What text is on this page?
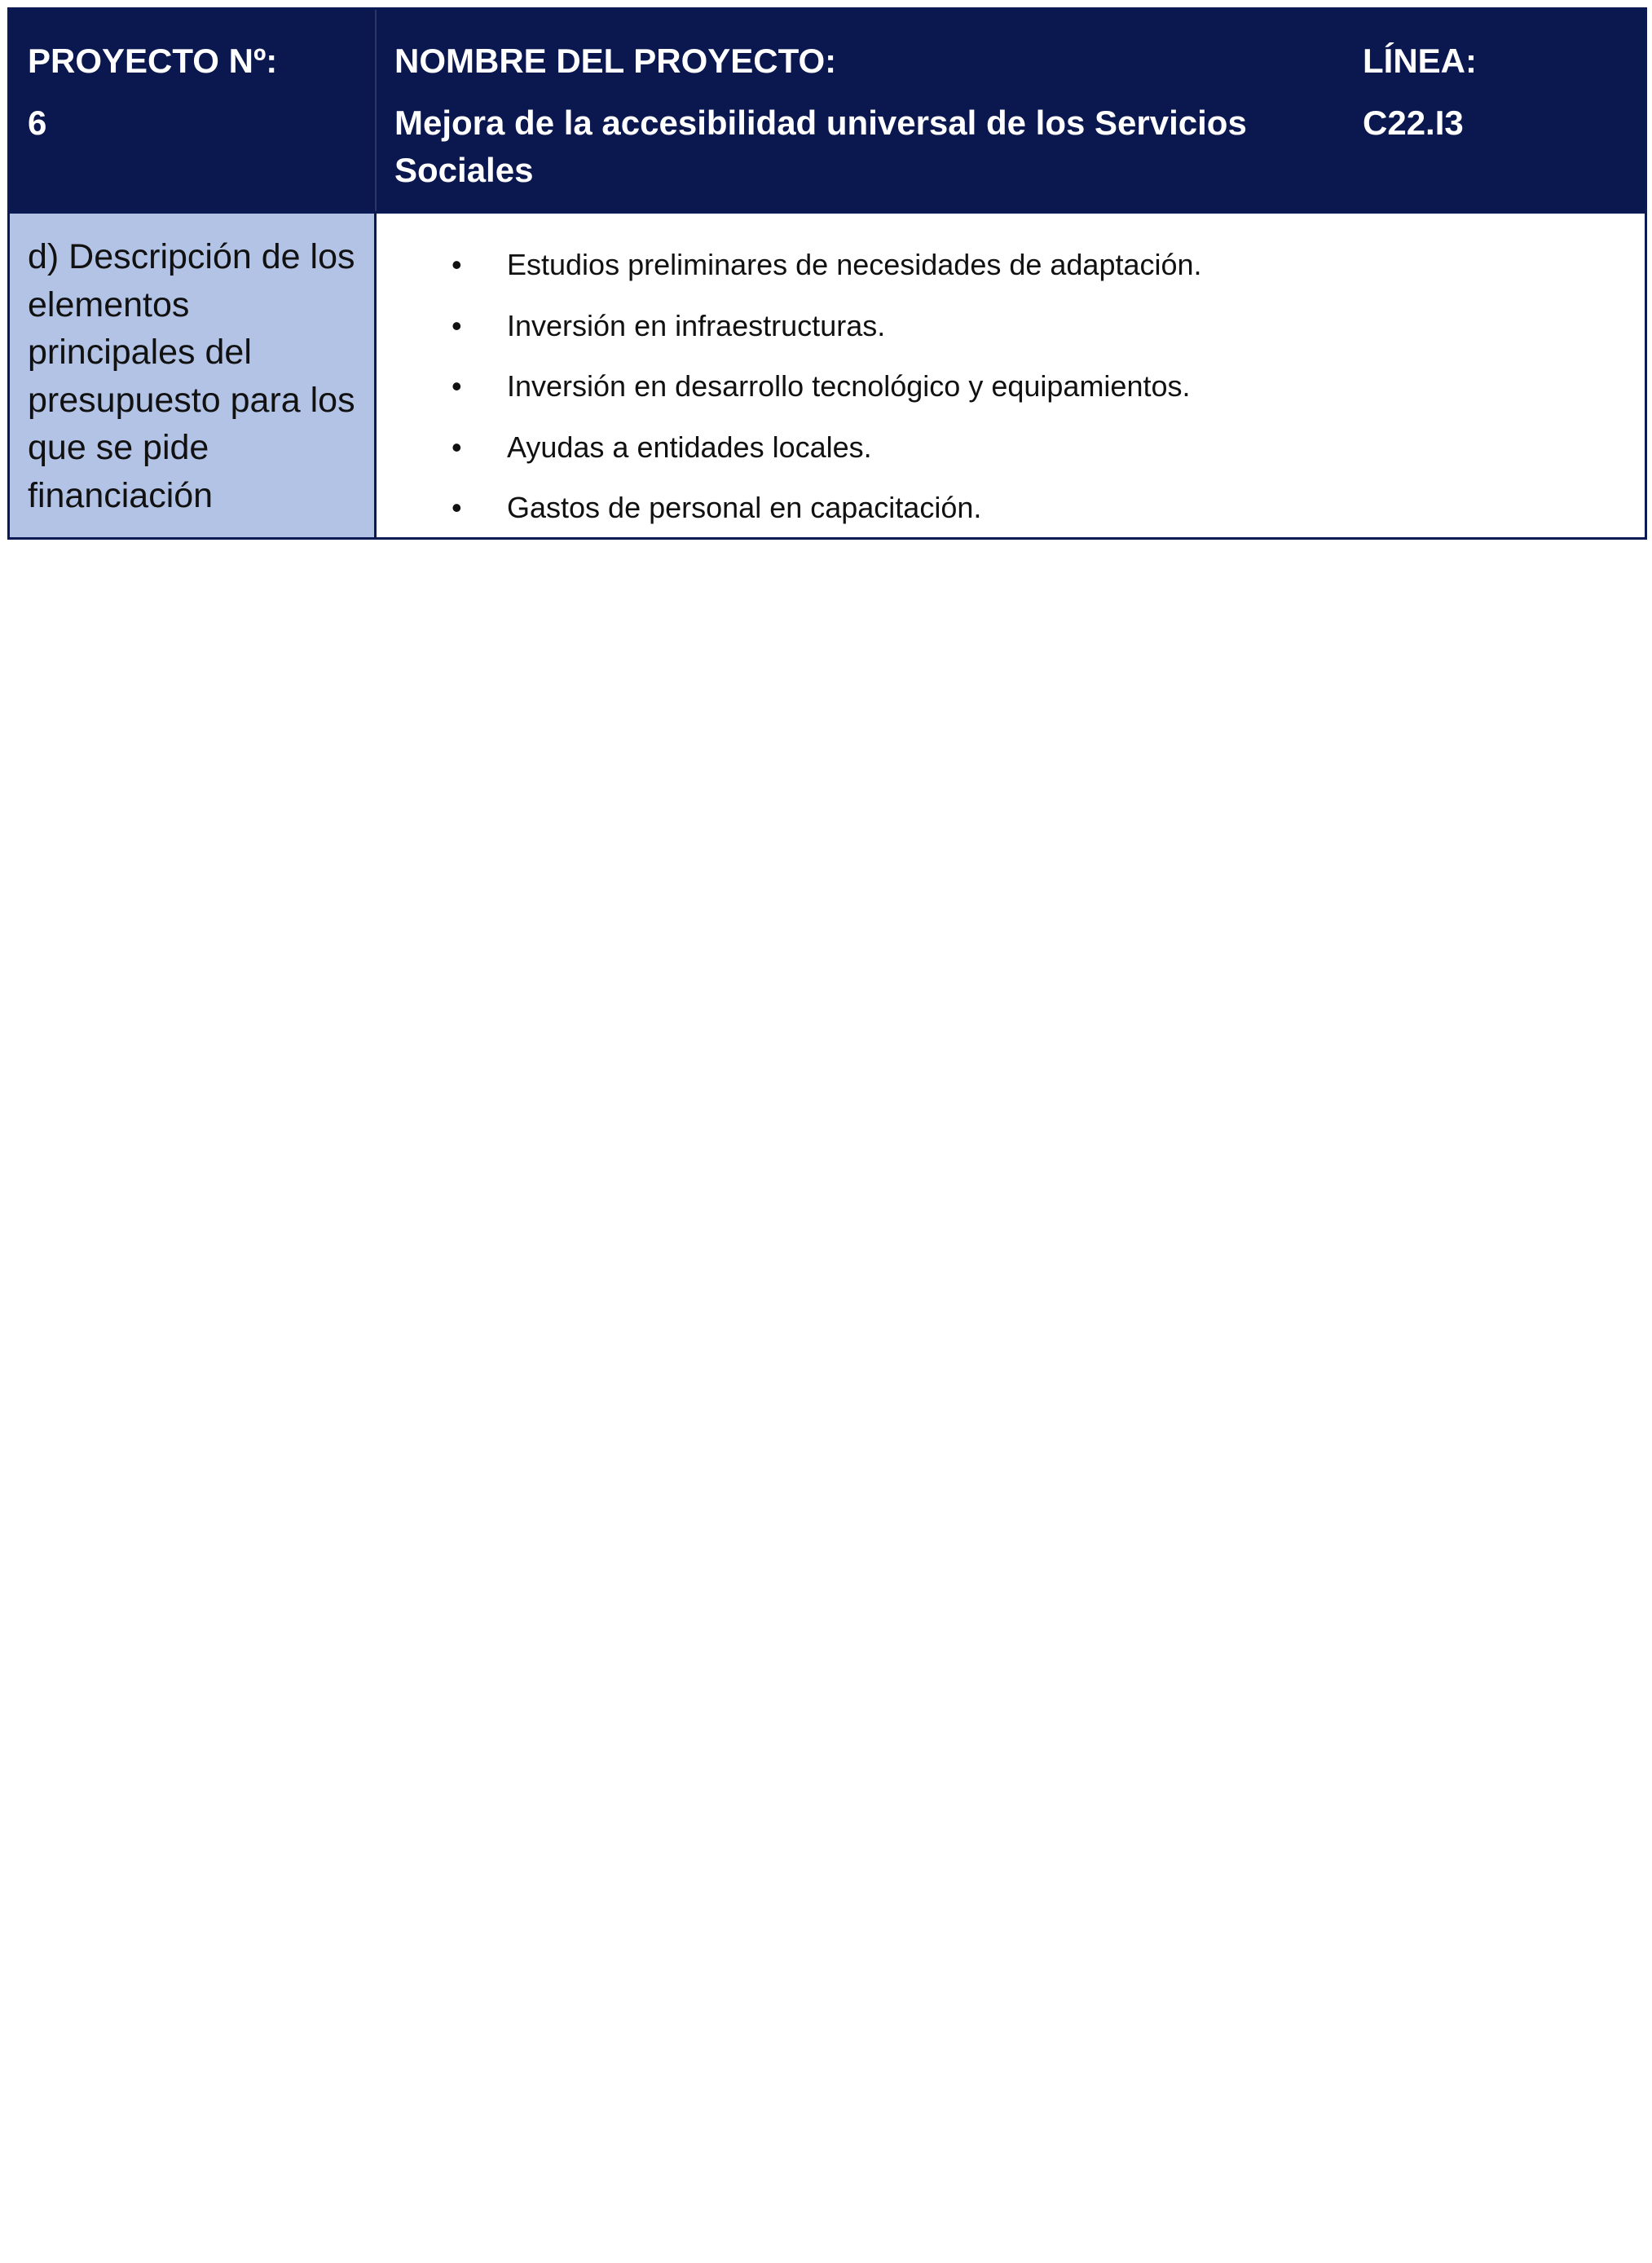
PROYECTO Nº:

6

NOMBRE DEL PROYECTO:

Mejora de la accesibilidad universal de los Servicios Sociales

LÍNEA:

C22.I3

d) Descripción de los elementos principales del presupuesto para los que se pide financiación
• Estudios preliminares de necesidades de adaptación.
• Inversión en infraestructuras.
• Inversión en desarrollo tecnológico y equipamientos.
• Ayudas a entidades locales.
• Gastos de personal en capacitación.
